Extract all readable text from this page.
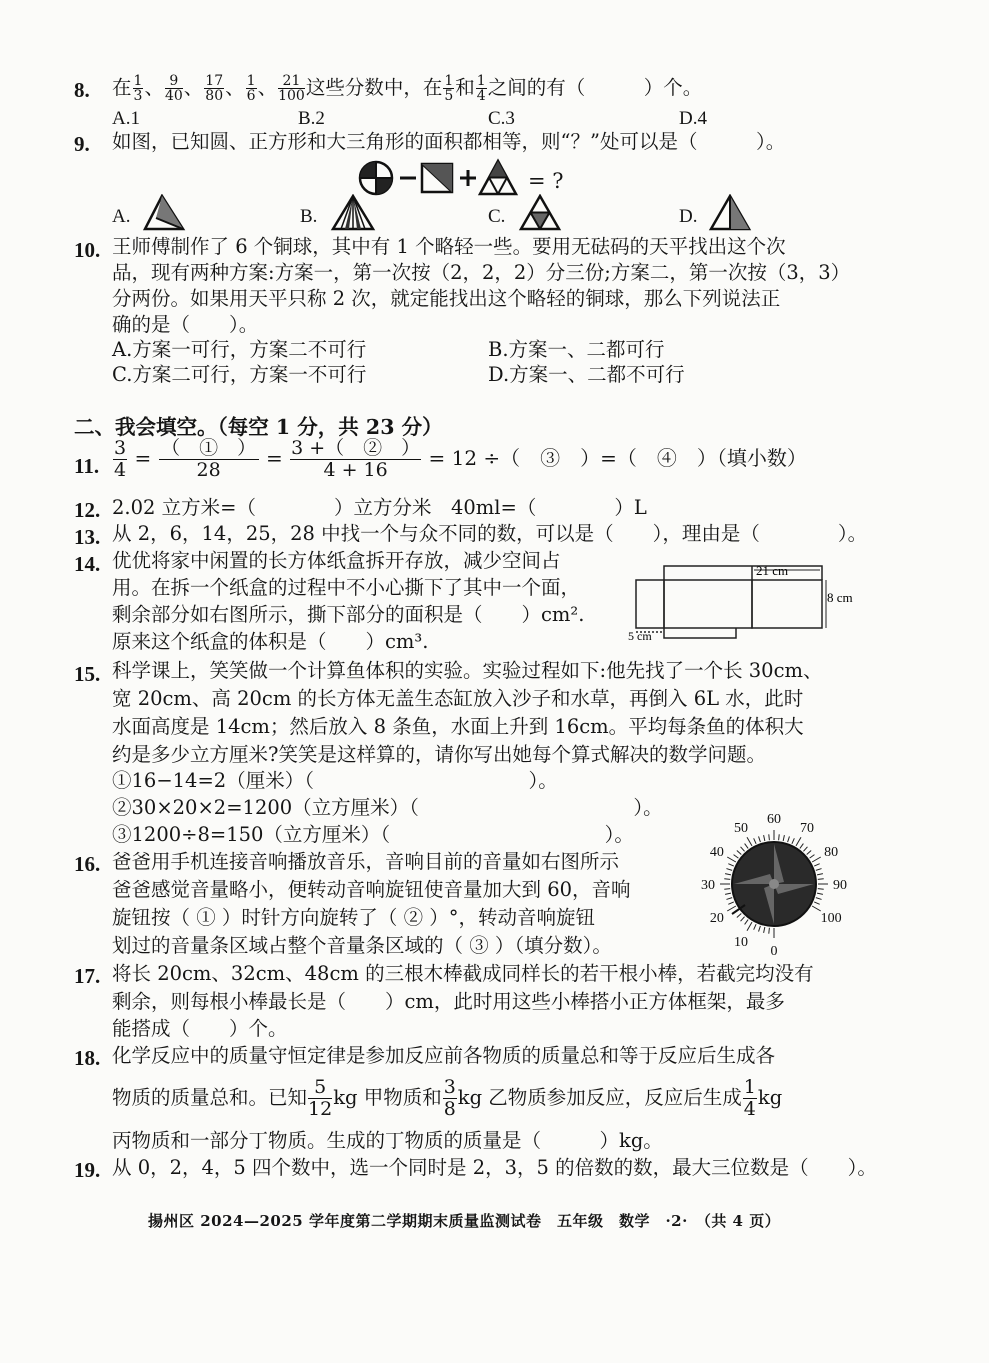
8. 在 $\frac{1}{3}$ 、 $\frac{9}{40}$ 、 $\frac{17}{80}$ 、 $\frac{1}{6}$ 、 $\frac{21}{100}$ 这些分数中，在 $\frac{1}{5}$ 和 $\frac{1}{4}$ 之间的有（　　　）个。
A.1	B.2	C.3	D.4
9. 如图，已知圆、正方形和大三角形的面积都相等，则“？”处可以是（　　　）。
= ?
A.	B.	C.	D.
10. 王师傅制作了 6 个铜球，其中有 1 个略轻一些。要用无砝码的天平找出这个次
品，现有两种方案:方案一，第一次按（2，2，2）分三份;方案二，第一次按（3，3）
分两份。如果用天平只称 2 次，就定能找出这个略轻的铜球，那么下列说法正
确的是（　　）。
A.方案一可行，方案二不可行	B.方案一、二都可行
C.方案二可行，方案一不可行	D.方案一、二都不可行
二、我会填空。（每空 1 分，共 23 分）
11. $\frac{3}{4} = \frac{\text{（　①　）}}{28} = \frac{\text{3 +（　②　）}}{4 + 16} = 12$ ÷（　③　）=（　④　）（填小数）
12. 2.02 立方米=（　　　　）立方分米　40ml=（　　　　）L
13. 从 2，6，14，25，28 中找一个与众不同的数，可以是（　　），理由是（　　　　）。
14. 优优将家中闲置的长方体纸盒拆开存放，减少空间占
用。在拆一个纸盒的过程中不小心撕下了其中一个面，
剩余部分如右图所示，撕下部分的面积是（　　）cm².
原来这个纸盒的体积是（　　）cm³.
21 cm
8 cm
5 cm
15. 科学课上，笑笑做一个计算鱼体积的实验。实验过程如下:他先找了一个长 30cm、
宽 20cm、高 20cm 的长方体无盖生态缸放入沙子和水草，再倒入 6L 水，此时
水面高度是 14cm；然后放入 8 条鱼，水面上升到 16cm。平均每条鱼的体积大
约是多少立方厘米?笑笑是这样算的，请你写出她每个算式解决的数学问题。
①16−14=2（厘米）（　　　　　　　　　　　）。
②30×20×2=1200（立方厘米）（　　　　　　　　　　　）。
③1200÷8=150（立方厘米）（　　　　　　　　　　　）。
16. 爸爸用手机连接音响播放音乐，音响目前的音量如右图所示
爸爸感觉音量略小，便转动音响旋钮使音量加大到 60，音响
旋钮按（ ① ）时针方向旋转了（ ② ）°，转动音响旋钮
划过的音量条区域占整个音量条区域的（ ③ ）（填分数）。	0
10
20
30
40
50
60
70
80
90
100
17. 将长 20cm、32cm、48cm 的三根木棒截成同样长的若干根小棒，若截完均没有
剩余，则每根小棒最长是（　　）cm，此时用这些小棒搭小正方体框架，最多
能搭成（　　）个。
18. 化学反应中的质量守恒定律是参加反应前各物质的质量总和等于反应后生成各
物质的质量总和。已知 $\frac{5}{12}$ kg 甲物质和 $\frac{3}{8}$ kg 乙物质参加反应，反应后生成 $\frac{1}{4}$ kg
丙物质和一部分丁物质。生成的丁物质的质量是（　　　）kg。
19. 从 0，2，4，5 四个数中，选一个同时是 2，3，5 的倍数的数，最大三位数是（　　）。
揚州区 2024—2025 学年度第二学期期末质量监测试卷　五年级　数学　·2·　（共 4 页）
